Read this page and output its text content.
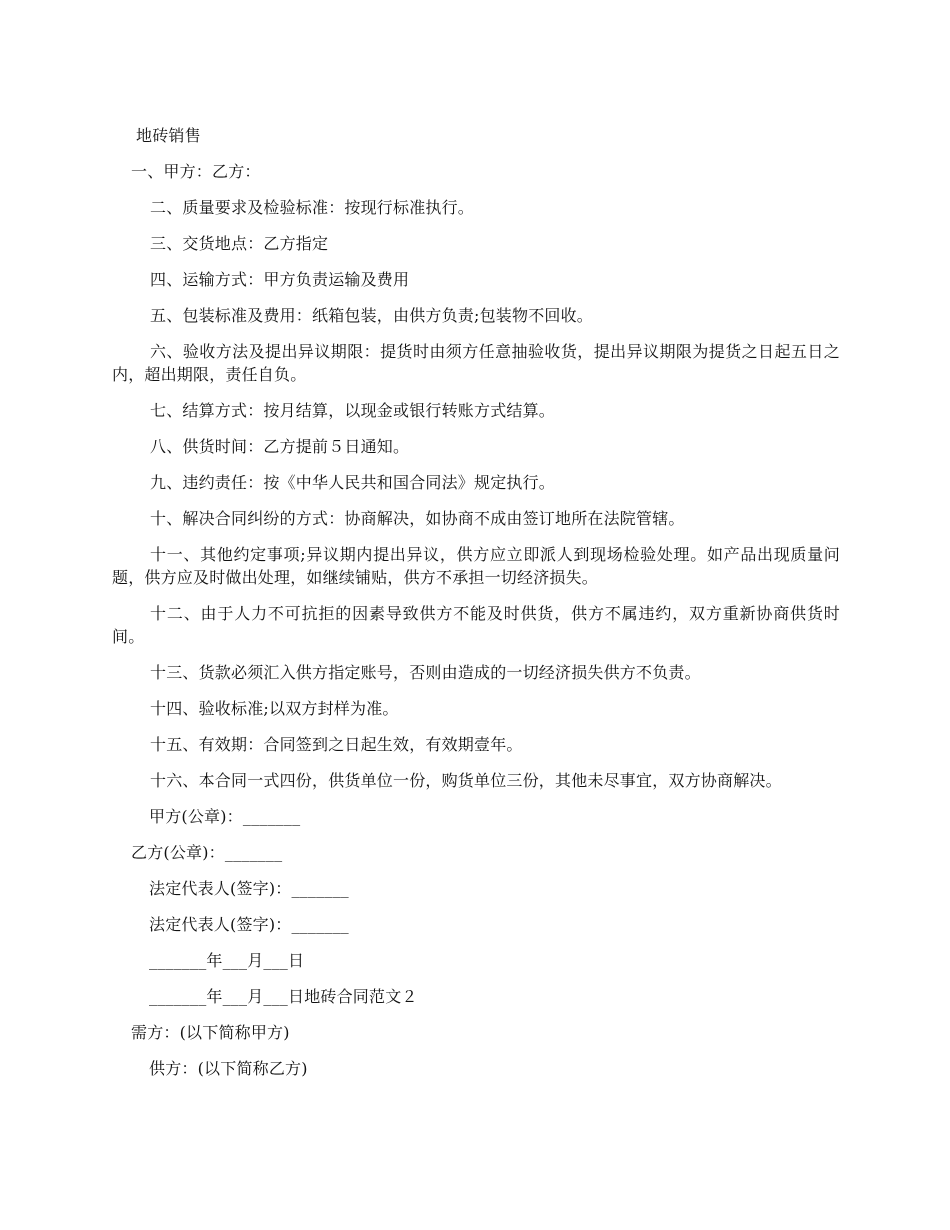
地砖销售

一、甲方：乙方：

二、质量要求及检验标准：按现行标准执行。

三、交货地点：乙方指定

四、运输方式：甲方负责运输及费用

五、包装标准及费用：纸箱包装，由供方负责;包装物不回收。

六、验收方法及提出异议期限：提货时由须方任意抽验收货，提出异议期限为提货之日起五日之内，超出期限，责任自负。

七、结算方式：按月结算，以现金或银行转账方式结算。

八、供货时间：乙方提前５日通知。

九、违约责任：按《中华人民共和国合同法》规定执行。

十、解决合同纠纷的方式：协商解决，如协商不成由签订地所在法院管辖。

十一、其他约定事项;异议期内提出异议，供方应立即派人到现场检验处理。如产品出现质量问题，供方应及时做出处理，如继续铺贴，供方不承担一切经济损失。

十二、由于人力不可抗拒的因素导致供方不能及时供货，供方不属违约，双方重新协商供货时间。

十三、货款必须汇入供方指定账号，否则由造成的一切经济损失供方不负责。

十四、验收标准;以双方封样为准。

十五、有效期：合同签到之日起生效，有效期壹年。

十六、本合同一式四份，供货单位一份，购货单位三份，其他未尽事宜，双方协商解决。

甲方(公章)：_______

乙方(公章)：_______

法定代表人(签字)：_______

法定代表人(签字)：_______

_______年___月___日

_______年___月___日地砖合同范文２

需方：(以下简称甲方)

供方：(以下简称乙方)
